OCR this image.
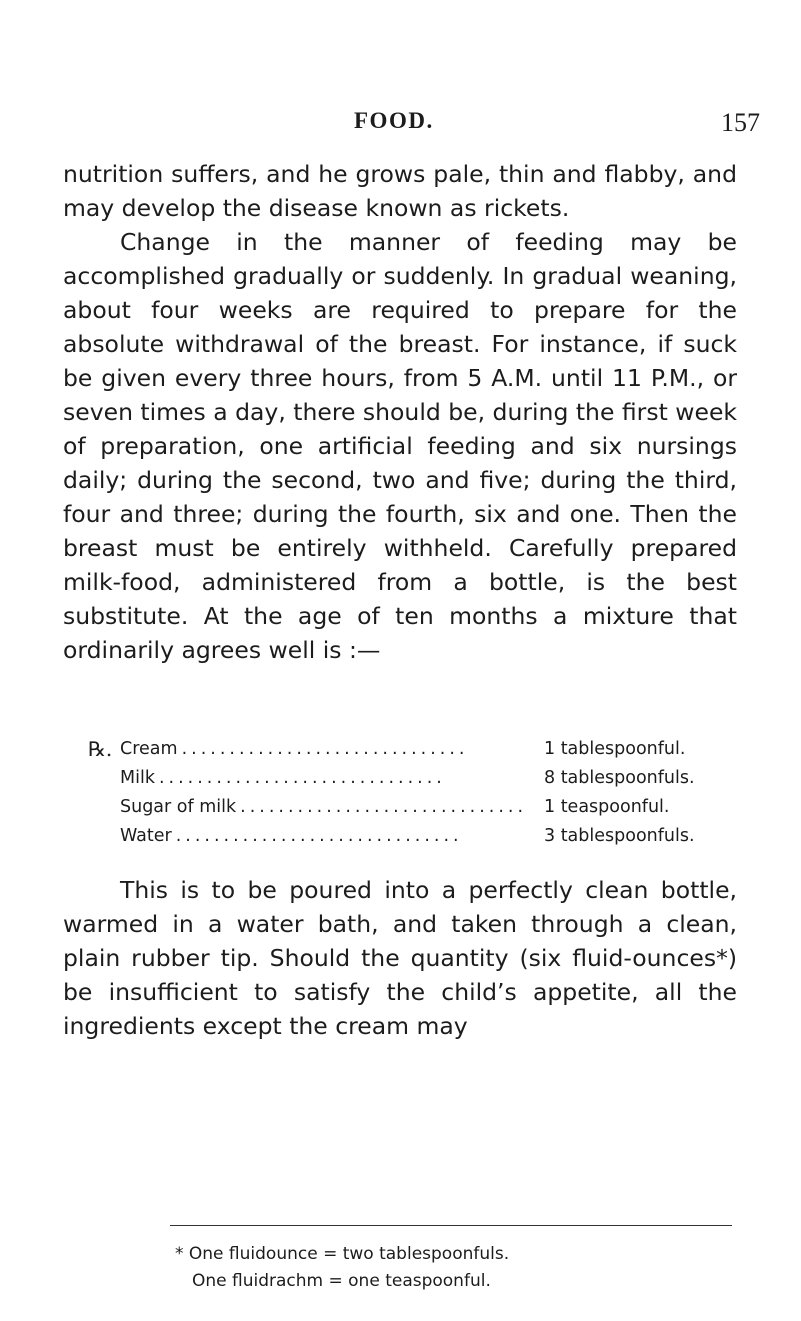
FOOD.	157

nutrition suffers, and he grows pale, thin and flabby, and may develop the disease known as rickets.

Change in the manner of feeding may be accomplished gradually or suddenly. In gradual weaning, about four weeks are required to prepare for the absolute withdrawal of the breast. For instance, if suck be given every three hours, from 5 A.M. until 11 P.M., or seven times a day, there should be, during the first week of preparation, one artificial feeding and six nursings daily; during the second, two and five; during the third, four and three; during the fourth, six and one. Then the breast must be entirely withheld. Carefully prepared milk-food, administered from a bottle, is the best substitute. At the age of ten months a mixture that ordinarily agrees well is :—

℞. Cream ..............................	1 tablespoonful.
Milk ..............................	8 tablespoonfuls.
Sugar of milk .............................. 1 teaspoonful.
Water ..............................	3 tablespoonfuls.

This is to be poured into a perfectly clean bottle, warmed in a water bath, and taken through a clean, plain rubber tip. Should the quantity (six fluid-ounces*) be insufficient to satisfy the child’s appetite, all the ingredients except the cream may

* One fluidounce = two tablespoonfuls.
One fluidrachm = one teaspoonful.
